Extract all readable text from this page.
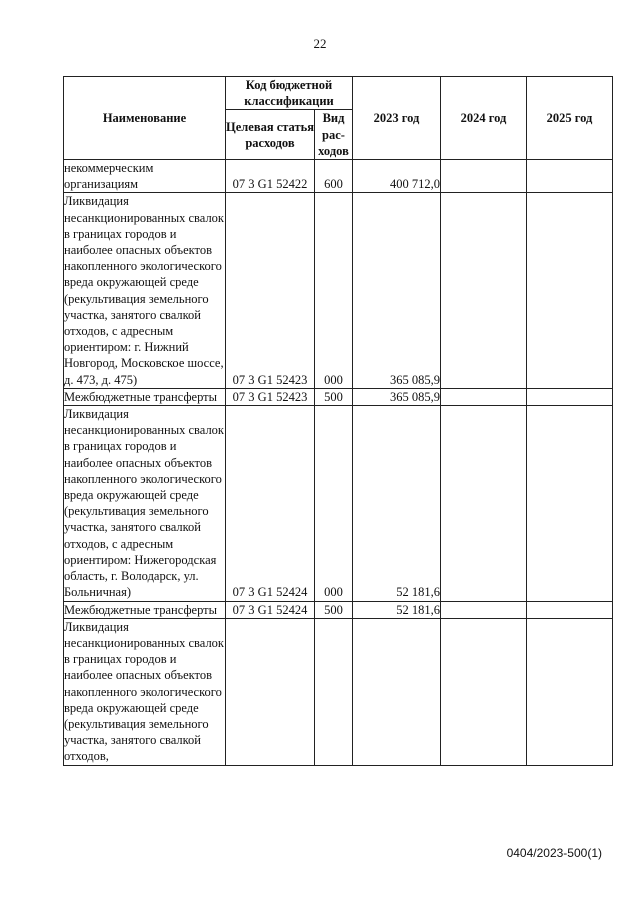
22
Наименование	Код бюджетной классификации		2023 год	2024 год	2025 год
	Целевая статья расходов	Вид рас-ходов			
некоммерческим организациям	07 3 G1 52422	600	400 712,0		
Ликвидация несанкционированных свалок в границах городов и наиболее опасных объектов накопленного экологического вреда окружающей среде (рекультивация земельного участка, занятого свалкой отходов, с адресным ориентиром: г. Нижний Новгород, Московское шоссе, д. 473, д. 475)	07 3 G1 52423	000	365 085,9		
Межбюджетные трансферты	07 3 G1 52423	500	365 085,9		
Ликвидация несанкционированных свалок в границах городов и наиболее опасных объектов накопленного экологического вреда окружающей среде (рекультивация земельного участка, занятого свалкой отходов, с адресным ориентиром: Нижегородская область, г. Володарск, ул. Больничная)	07 3 G1 52424	000	52 181,6		
Межбюджетные трансферты	07 3 G1 52424	500	52 181,6		
Ликвидация несанкционированных свалок в границах городов и наиболее опасных объектов накопленного экологического вреда окружающей среде (рекультивация земельного участка, занятого свалкой отходов,					
0404/2023-500(1)
